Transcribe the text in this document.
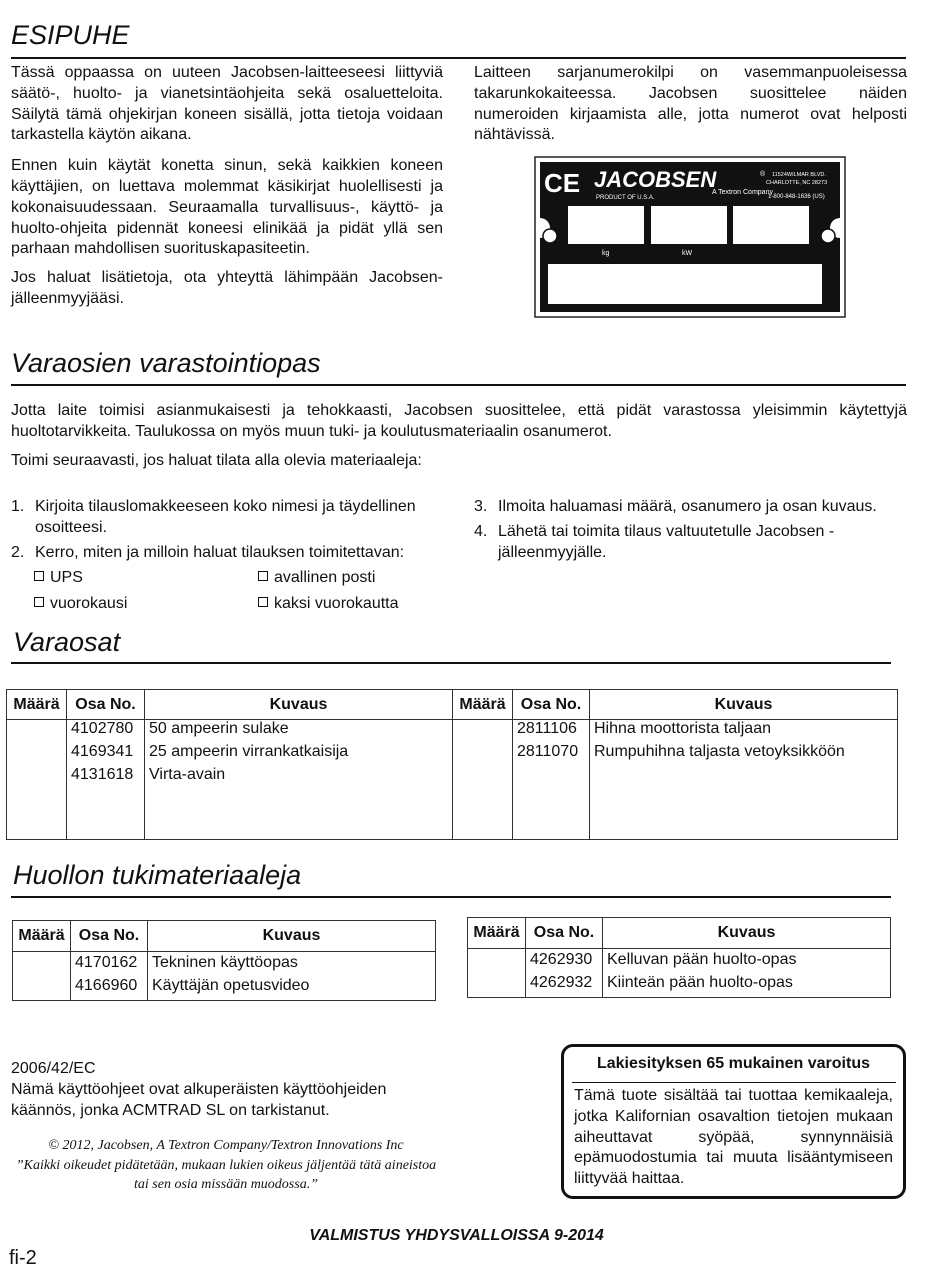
ESIPUHE

Tässä oppaassa on uuteen Jacobsen-laitteeseesi liittyviä säätö-, huolto- ja vianetsintäohjeita sekä osaluetteloita. Säilytä tämä ohjekirjan koneen sisällä, jotta tietoja voidaan tarkastella käytön aikana.

Ennen kuin käytät konetta sinun, sekä kaikkien koneen käyttäjien, on luettava molemmat käsikirjat huolellisesti ja kokonaisuudessaan. Seuraamalla turvallisuus-, käyttö- ja huolto-ohjeita pidennät koneesi elinikää ja pidät yllä sen parhaan mahdollisen suorituskapasiteetin.

Jos haluat lisätietoja, ota yhteyttä lähimpään Jacobsen-jälleenmyyjääsi.

Laitteen sarjanumerokilpi on vasemmanpuoleisessa takarunkokaiteessa. Jacobsen suosittelee näiden numeroiden kirjaamista alle, jotta numerot ovat helposti nähtävissä.

CE JACOBSEN	®
A Textron Company
PRODUCT OF U.S.A.
11524WILMAR BLVD.
CHARLOTTE, NC 28273
1-800-848-1636 (US)
kg	kW
Varaosien varastointiopas

Jotta laite toimisi asianmukaisesti ja tehokkaasti, Jacobsen suosittelee, että pidät varastossa yleisimmin käytettyjä huoltotarvikkeita. Taulukossa on myös muun tuki- ja koulutusmateriaalin osanumerot.

Toimi seuraavasti, jos haluat tilata alla olevia materiaaleja:

1. Kirjoita tilauslomakkeeseen koko nimesi ja täydellinen osoitteesi.
2. Kerro, miten ja milloin haluat tilauksen toimitettavan:
UPS	avallinen posti
vuorokausi	kaksi vuorokautta
3. Ilmoita haluamasi määrä, osanumero ja osan kuvaus.
4. Lähetä tai toimita tilaus valtuutetulle Jacobsen -jälleenmyyjälle.
Varaosat
Määrä	Osa No.	Kuvaus	Määrä	Osa No.	Kuvaus
	4102780	50 ampeerin sulake		2811106	Hihna moottorista taljaan
	4169341	25 ampeerin virrankatkaisija		2811070	Rumpuhihna taljasta vetoyksikköön
	4131618	Virta-avain			

Huollon tukimateriaaleja
Määrä	Osa No.	Kuvaus
	4170162	Tekninen käyttöopas
	4166960	Käyttäjän opetusvideo
Määrä	Osa No.	Kuvaus
	4262930	Kelluvan pään huolto-opas
	4262932	Kiinteän pään huolto-opas

2006/42/EC

Nämä käyttöohjeet ovat alkuperäisten käyttöohjeiden käännös, jonka ACMTRAD SL on tarkistanut.

© 2012, Jacobsen, A Textron Company/Textron Innovations Inc
”Kaikki oikeudet pidätetään, mukaan lukien oikeus jäljentää tätä aineistoa tai sen osia missään muodossa.”
Lakiesityksen 65 mukainen varoitus

Tämä tuote sisältää tai tuottaa kemikaaleja, jotka Kalifornian osavaltion tietojen mukaan aiheuttavat syöpää, synnynnäisiä epämuodostumia tai muuta lisääntymiseen liittyvää haittaa.

VALMISTUS YHDYSVALLOISSA 9-2014
fi-2
